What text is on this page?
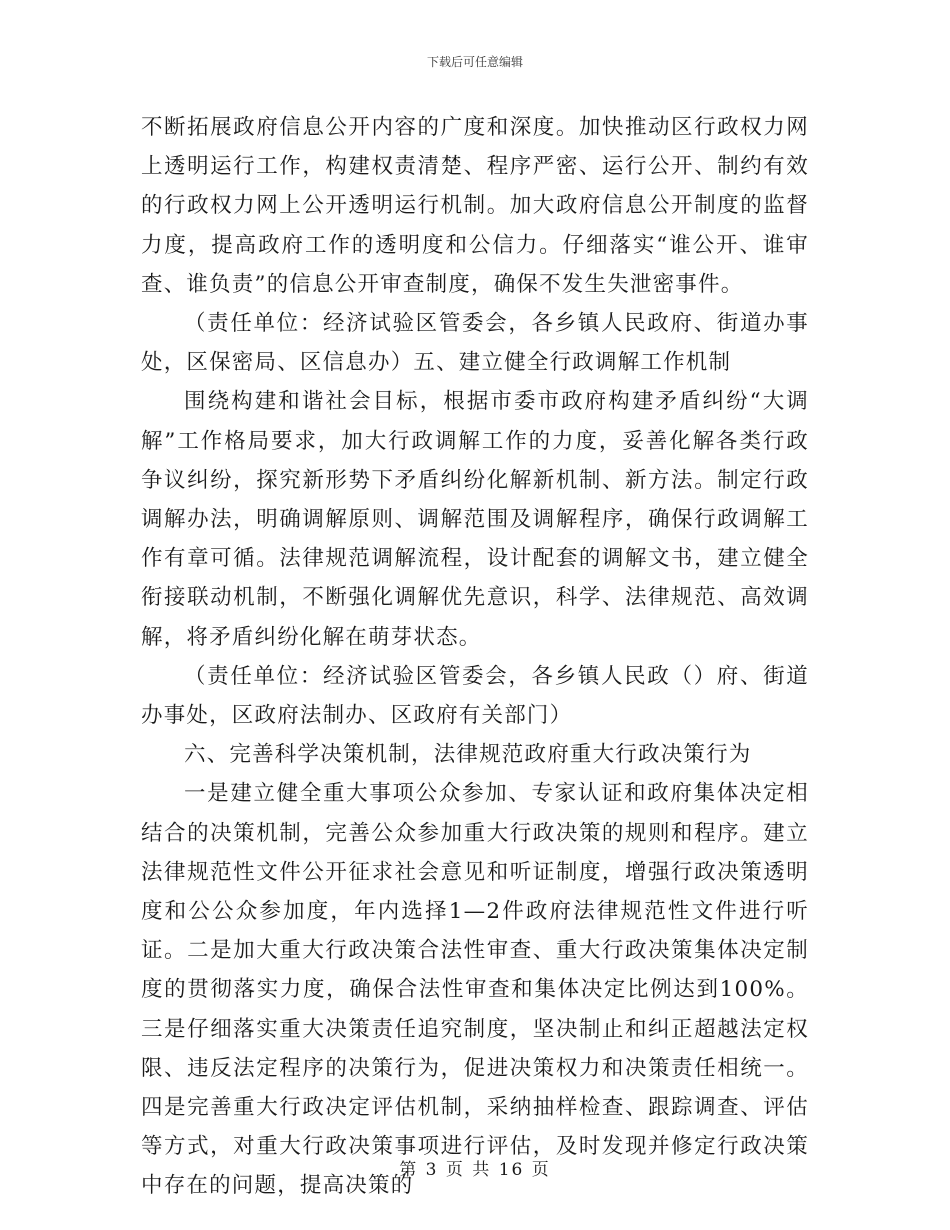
下载后可任意编辑

不断拓展政府信息公开内容的广度和深度。加快推动区行政权力网上透明运行工作，构建权责清楚、程序严密、运行公开、制约有效的行政权力网上公开透明运行机制。加大政府信息公开制度的监督力度，提高政府工作的透明度和公信力。仔细落实“谁公开、谁审查、谁负责”的信息公开审查制度，确保不发生失泄密事件。

（责任单位：经济试验区管委会，各乡镇人民政府、街道办事处，区保密局、区信息办）五、建立健全行政调解工作机制

围绕构建和谐社会目标，根据市委市政府构建矛盾纠纷“大调解”工作格局要求，加大行政调解工作的力度，妥善化解各类行政争议纠纷，探究新形势下矛盾纠纷化解新机制、新方法。制定行政调解办法，明确调解原则、调解范围及调解程序，确保行政调解工作有章可循。法律规范调解流程，设计配套的调解文书，建立健全衔接联动机制，不断强化调解优先意识，科学、法律规范、高效调解，将矛盾纠纷化解在萌芽状态。

（责任单位：经济试验区管委会，各乡镇人民政（）府、街道办事处，区政府法制办、区政府有关部门）

六、完善科学决策机制，法律规范政府重大行政决策行为

一是建立健全重大事项公众参加、专家认证和政府集体决定相结合的决策机制，完善公众参加重大行政决策的规则和程序。建立法律规范性文件公开征求社会意见和听证制度，增强行政决策透明度和公公众参加度，年内选择1—2件政府法律规范性文件进行听证。二是加大重大行政决策合法性审查、重大行政决策集体决定制度的贯彻落实力度，确保合法性审查和集体决定比例达到100%。三是仔细落实重大决策责任追究制度，坚决制止和纠正超越法定权限、违反法定程序的决策行为，促进决策权力和决策责任相统一。四是完善重大行政决定评估机制，采纳抽样检查、跟踪调查、评估等方式，对重大行政决策事项进行评估，及时发现并修定行政决策中存在的问题，提高决策的

第 3 页 共 16 页
